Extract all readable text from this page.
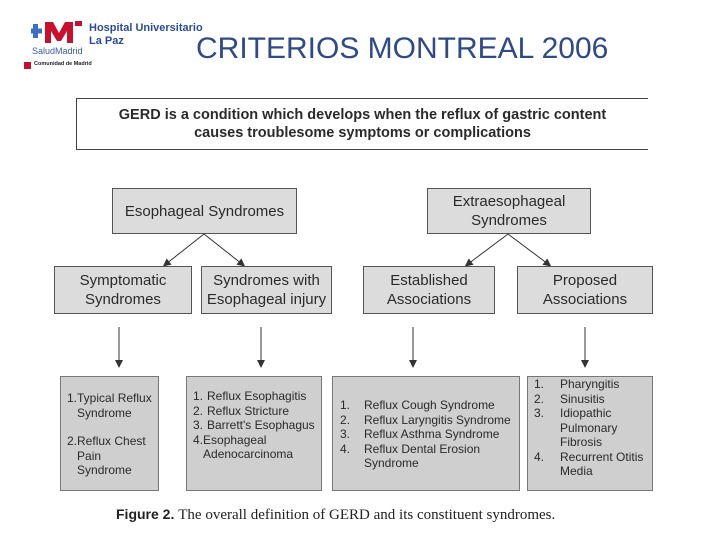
Hospital Universitario
La Paz
SaludMadrid
Comunidad de Madrid	CRITERIOS MONTREAL 2006
GERD is a condition which develops when the reflux of gastric content
causes troublesome symptoms or complications
Esophageal Syndromes
Extraesophageal
Syndromes
Symptomatic
Syndromes
Syndromes with
Esophageal injury
Established
Associations
Proposed
Associations
1. Typical Reflux
Syndrome
2. Reflux Chest
Pain
Syndrome
1. Reflux Esophagitis
2. Reflux Stricture
3. Barrett's Esophagus
4. Esophageal
Adenocarcinoma
1.	Reflux Cough Syndrome
2.	Reflux Laryngitis Syndrome
3.	Reflux Asthma Syndrome
4.	Reflux Dental Erosion
Syndrome
1.	Pharyngitis
2.	Sinusitis
3.	Idiopathic
Pulmonary
Fibrosis
4.	Recurrent Otitis
Media
Figure 2. The overall definition of GERD and its constituent syndromes.
